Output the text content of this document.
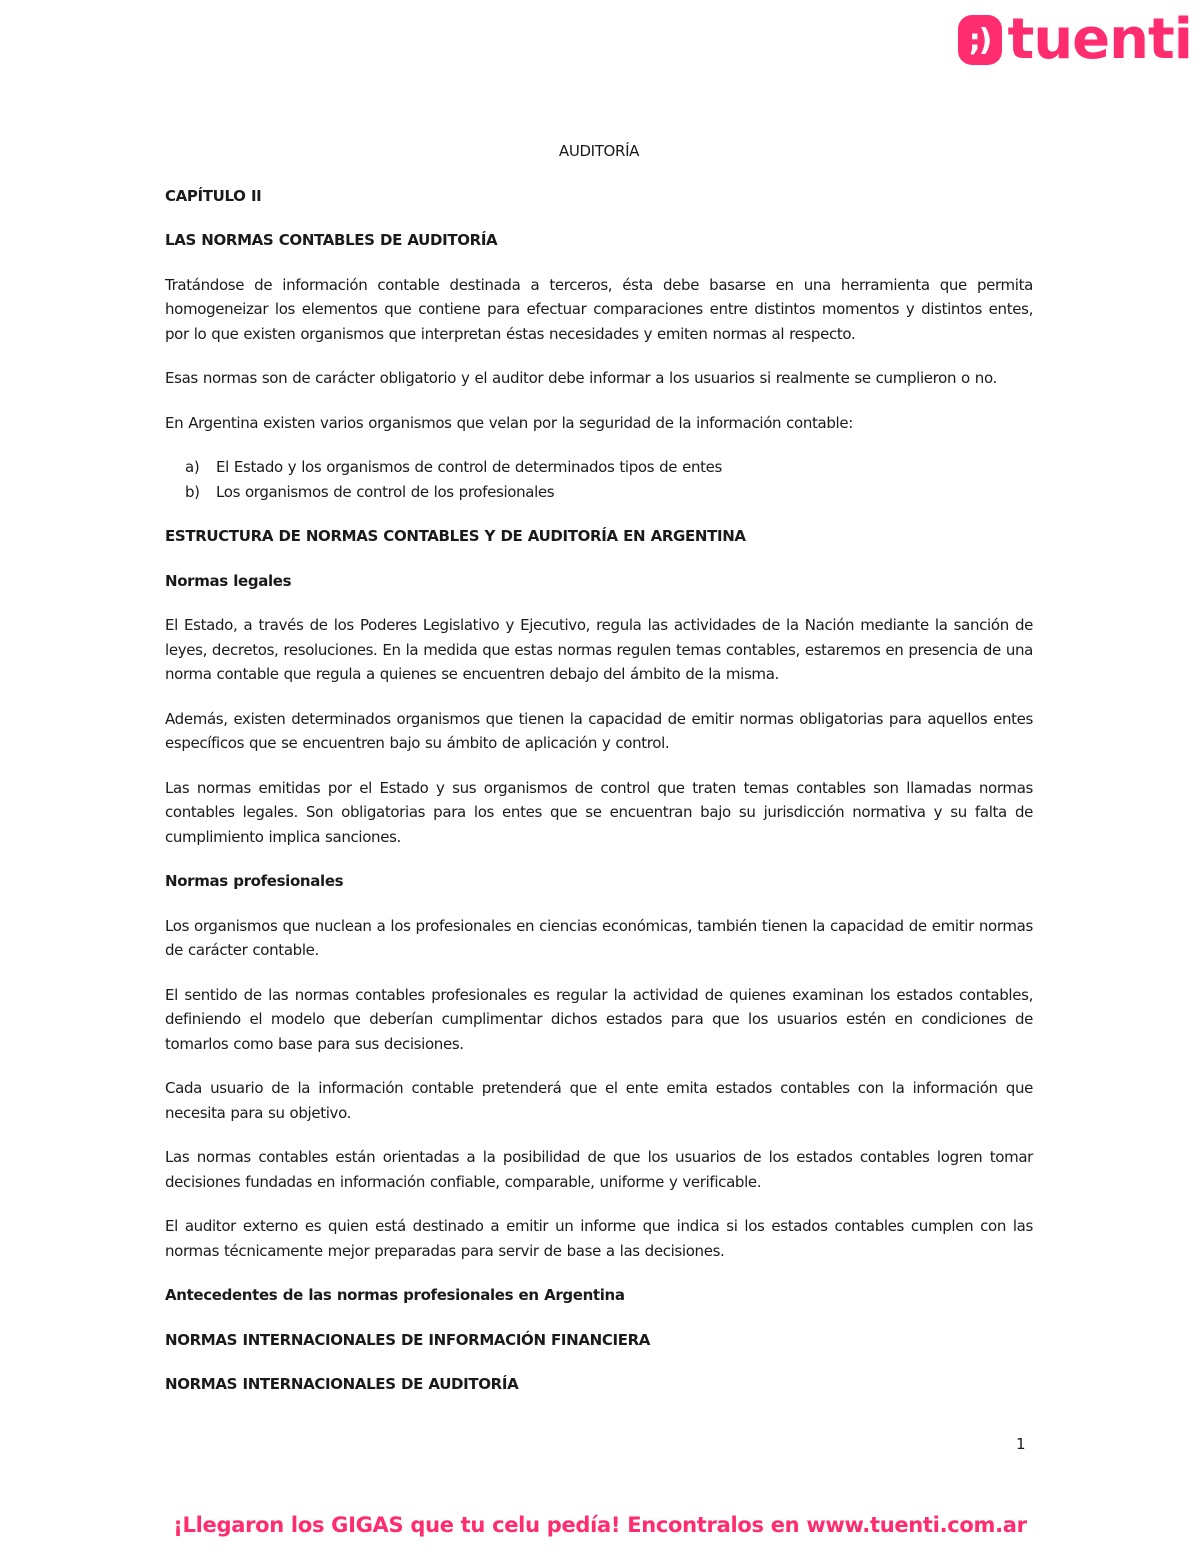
;) tuenti

AUDITORÍA

CAPÍTULO II

LAS NORMAS CONTABLES DE AUDITORÍA

Tratándose de información contable destinada a terceros, ésta debe basarse en una herramienta que permita homogeneizar los elementos que contiene para efectuar comparaciones entre distintos momentos y distintos entes, por lo que existen organismos que interpretan éstas necesidades y emiten normas al respecto.

Esas normas son de carácter obligatorio y el auditor debe informar a los usuarios si realmente se cumplieron o no.

En Argentina existen varios organismos que velan por la seguridad de la información contable:

a)	El Estado y los organismos de control de determinados tipos de entes
b)	Los organismos de control de los profesionales

ESTRUCTURA DE NORMAS CONTABLES Y DE AUDITORÍA EN ARGENTINA

Normas legales

El Estado, a través de los Poderes Legislativo y Ejecutivo, regula las actividades de la Nación mediante la sanción de leyes, decretos, resoluciones. En la medida que estas normas regulen temas contables, estaremos en presencia de una norma contable que regula a quienes se encuentren debajo del ámbito de la misma.

Además, existen determinados organismos que tienen la capacidad de emitir normas obligatorias para aquellos entes específicos que se encuentren bajo su ámbito de aplicación y control.

Las normas emitidas por el Estado y sus organismos de control que traten temas contables son llamadas normas contables legales. Son obligatorias para los entes que se encuentran bajo su jurisdicción normativa y su falta de cumplimiento implica sanciones.

Normas profesionales

Los organismos que nuclean a los profesionales en ciencias económicas, también tienen la capacidad de emitir normas de carácter contable.

El sentido de las normas contables profesionales es regular la actividad de quienes examinan los estados contables, definiendo el modelo que deberían cumplimentar dichos estados para que los usuarios estén en condiciones de tomarlos como base para sus decisiones.

Cada usuario de la información contable pretenderá que el ente emita estados contables con la información que necesita para su objetivo.

Las normas contables están orientadas a la posibilidad de que los usuarios de los estados contables logren tomar decisiones fundadas en información confiable, comparable, uniforme y verificable.

El auditor externo es quien está destinado a emitir un informe que indica si los estados contables cumplen con las normas técnicamente mejor preparadas para servir de base a las decisiones.

Antecedentes de las normas profesionales en Argentina

NORMAS INTERNACIONALES DE INFORMACIÓN FINANCIERA

NORMAS INTERNACIONALES DE AUDITORÍA

1
¡Llegaron los GIGAS que tu celu pedía! Encontralos en www.tuenti.com.ar
